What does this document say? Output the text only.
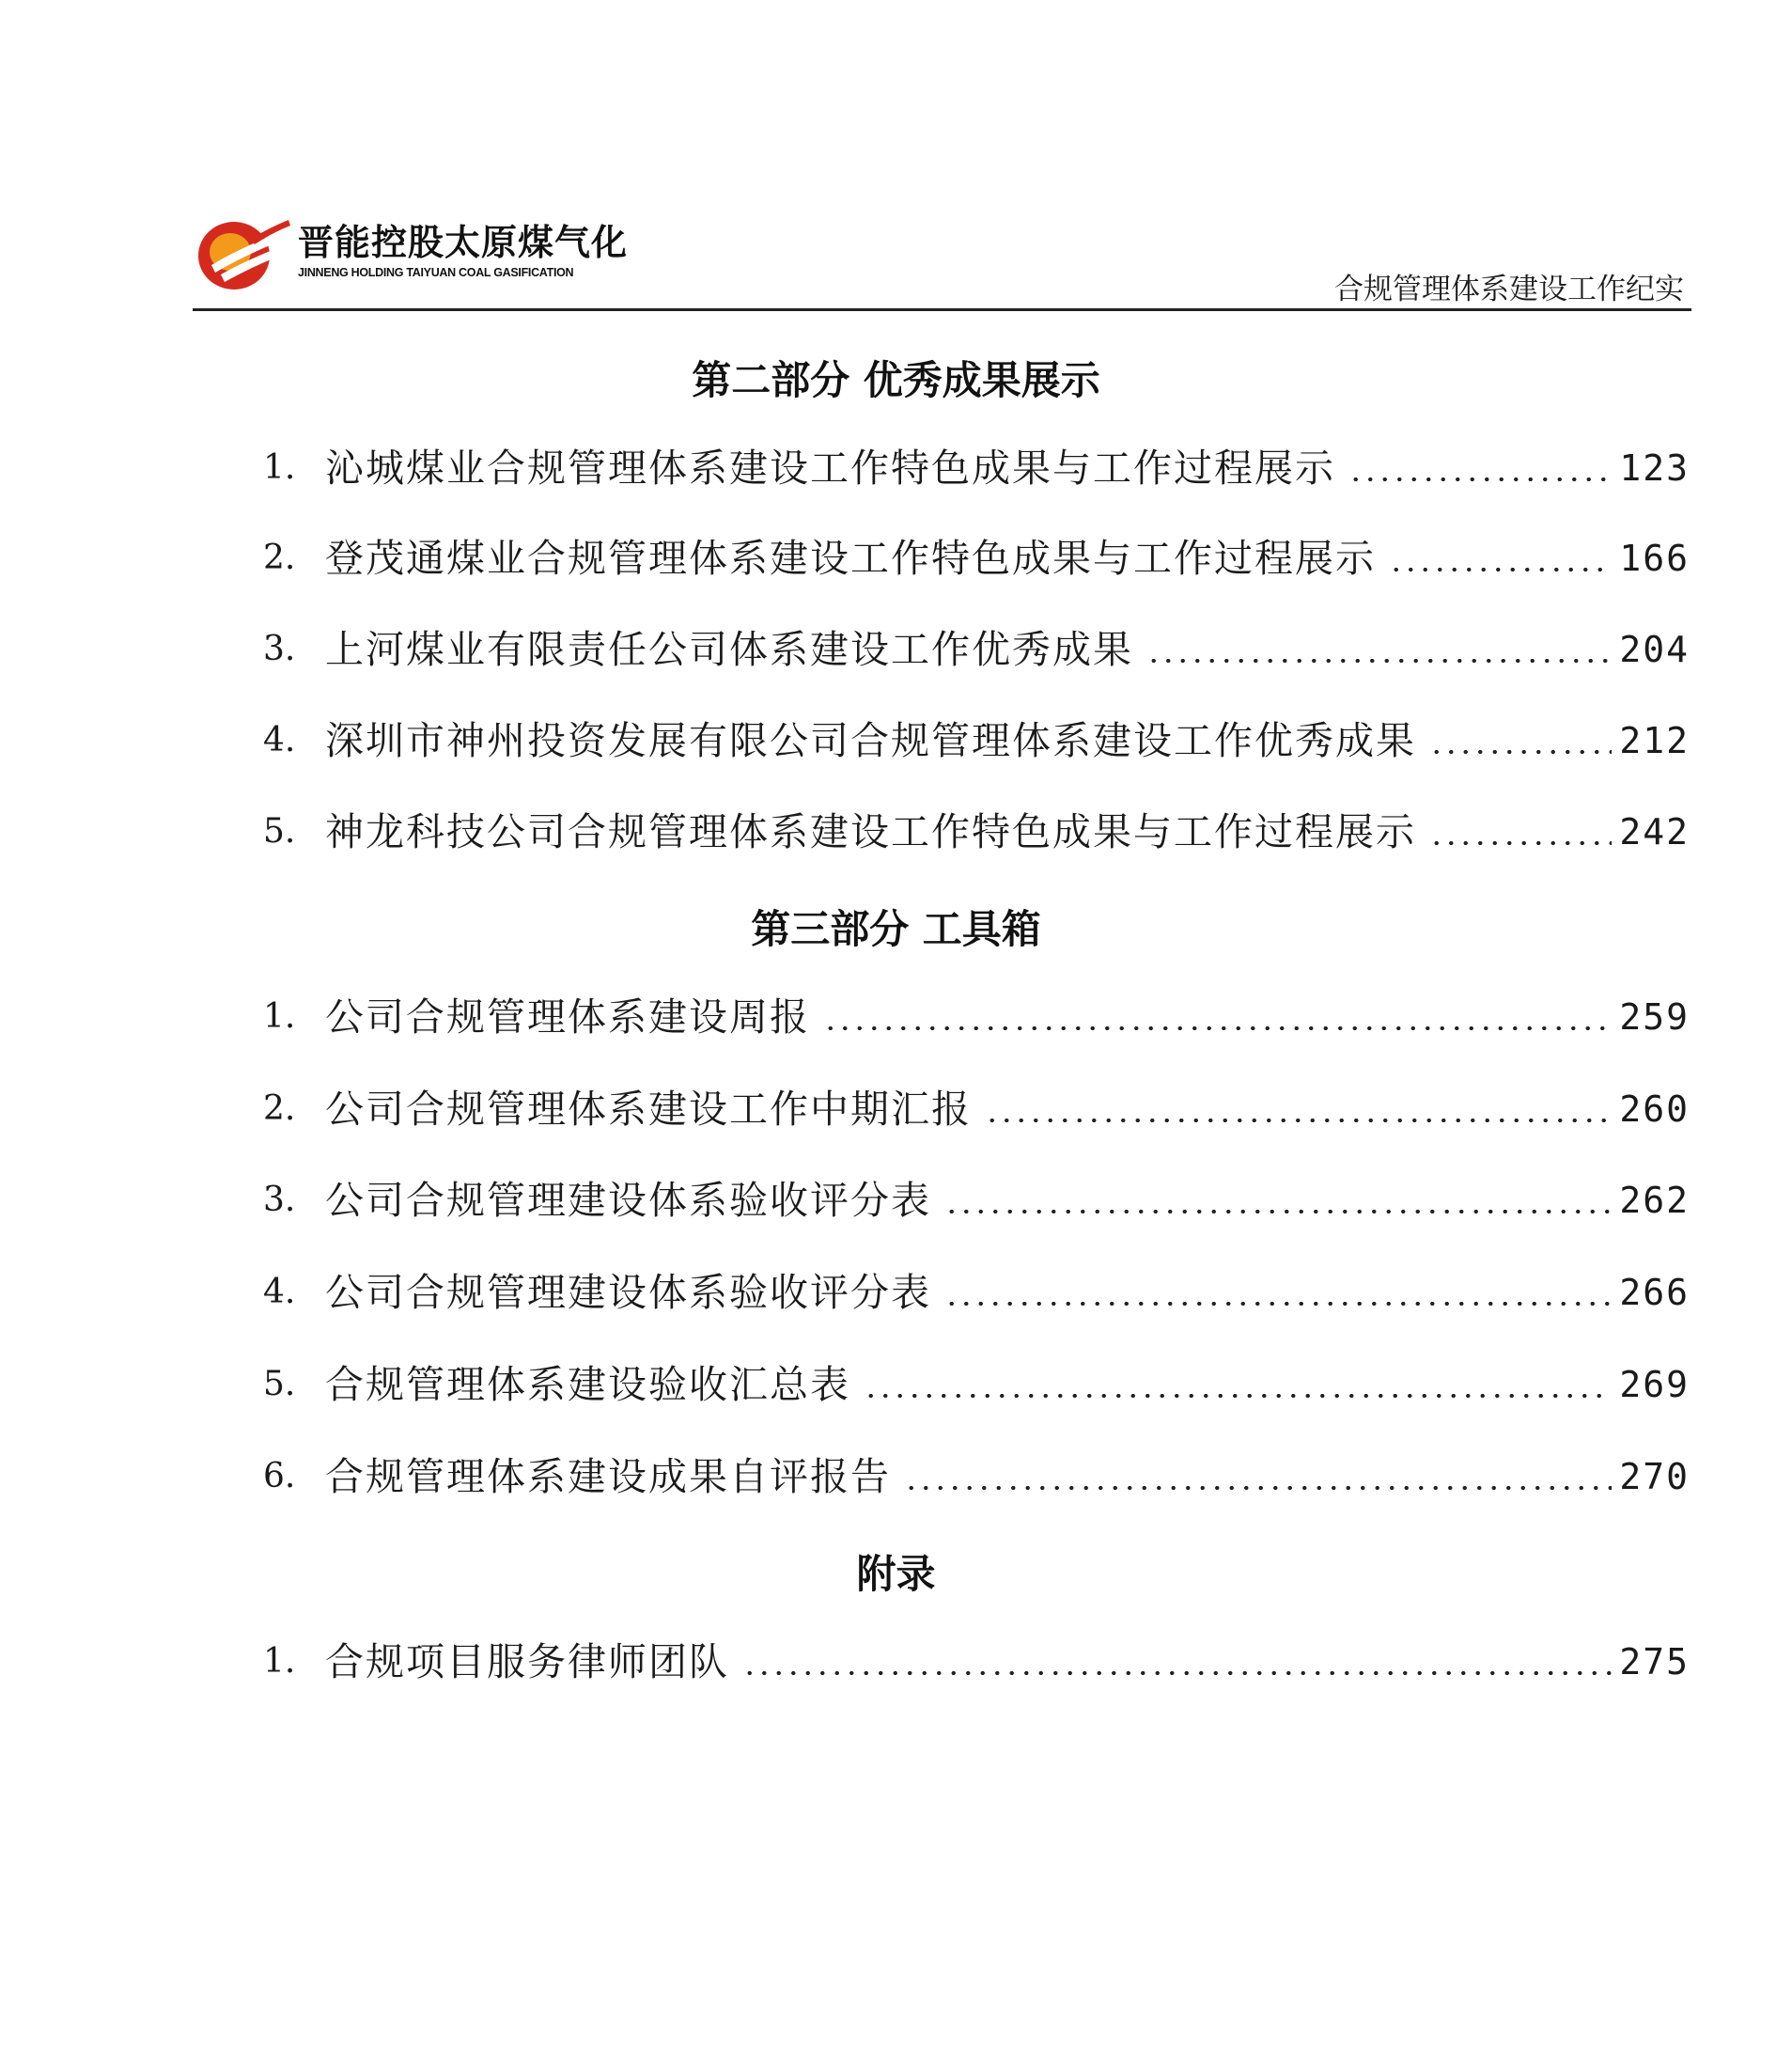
晋能控股太原煤气化
JINNENG HOLDING TAIYUAN COAL GASIFICATION	合规管理体系建设工作纪实
第二部分 优秀成果展示
1. 沁城煤业合规管理体系建设工作特色成果与工作过程展示	123
2. 登茂通煤业合规管理体系建设工作特色成果与工作过程展示	166
3. 上河煤业有限责任公司体系建设工作优秀成果	204
4. 深圳市神州投资发展有限公司合规管理体系建设工作优秀成果	212
5. 神龙科技公司合规管理体系建设工作特色成果与工作过程展示	242
第三部分 工具箱
1. 公司合规管理体系建设周报	259
2. 公司合规管理体系建设工作中期汇报	260
3. 公司合规管理建设体系验收评分表	262
4. 公司合规管理建设体系验收评分表	266
5. 合规管理体系建设验收汇总表	269
6. 合规管理体系建设成果自评报告	270
附录
1. 合规项目服务律师团队	275
